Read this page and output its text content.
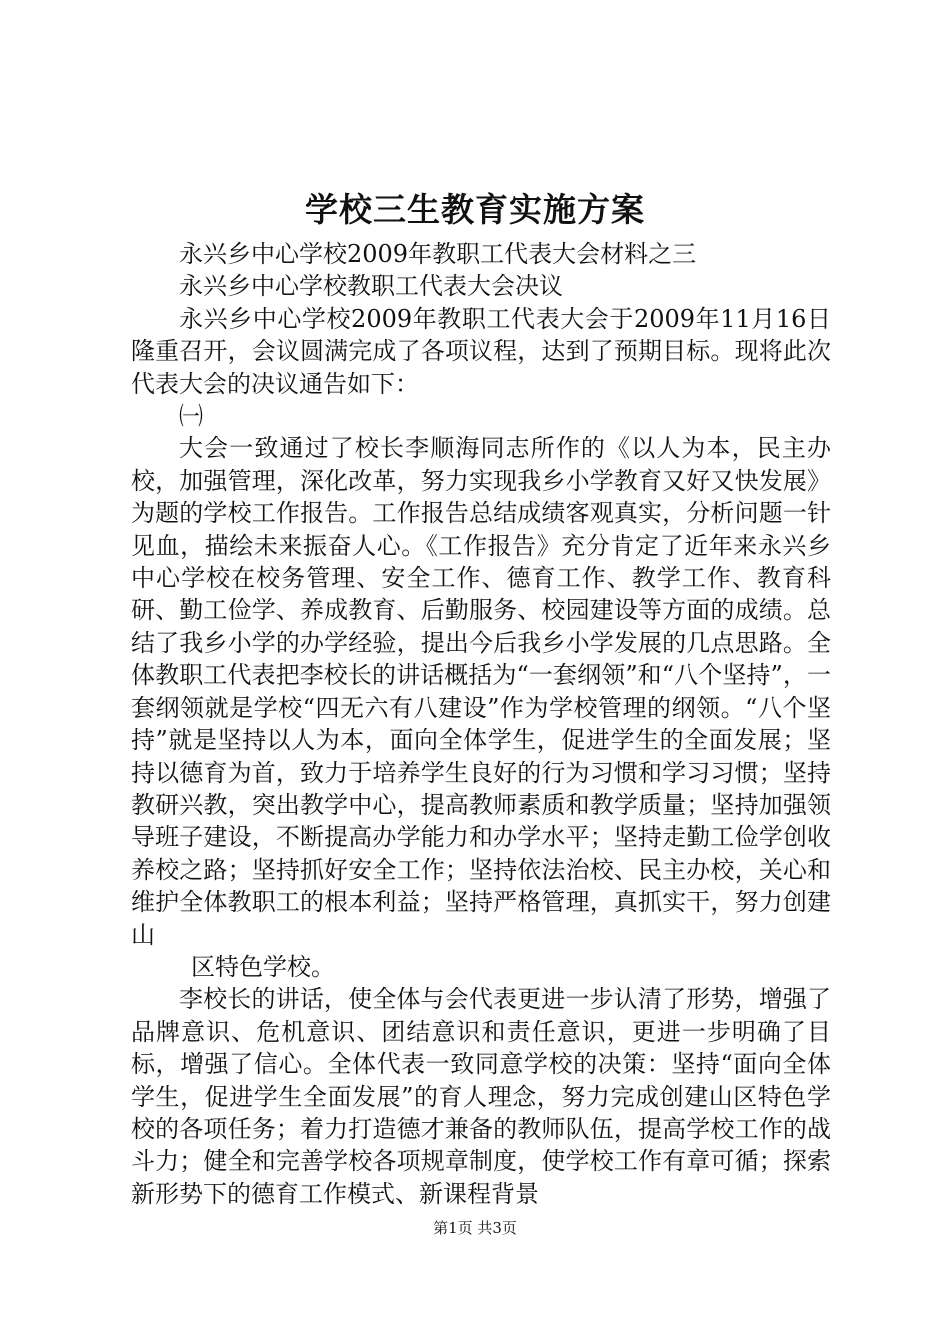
学校三生教育实施方案

永兴乡中心学校2009年教职工代表大会材料之三

永兴乡中心学校教职工代表大会决议

永兴乡中心学校2009年教职工代表大会于2009年11月16日隆重召开，会议圆满完成了各项议程，达到了预期目标。现将此次代表大会的决议通告如下：

㈠

大会一致通过了校长李顺海同志所作的《以人为本，民主办校，加强管理，深化改革，努力实现我乡小学教育又好又快发展》为题的学校工作报告。工作报告总结成绩客观真实，分析问题一针见血，描绘未来振奋人心。《工作报告》充分肯定了近年来永兴乡中心学校在校务管理、安全工作、德育工作、教学工作、教育科研、勤工俭学、养成教育、后勤服务、校园建设等方面的成绩。总结了我乡小学的办学经验，提出今后我乡小学发展的几点思路。全体教职工代表把李校长的讲话概括为“一套纲领”和“八个坚持”，一套纲领就是学校“四无六有八建设”作为学校管理的纲领。“八个坚持”就是坚持以人为本，面向全体学生，促进学生的全面发展；坚持以德育为首，致力于培养学生良好的行为习惯和学习习惯；坚持教研兴教，突出教学中心，提高教师素质和教学质量；坚持加强领导班子建设，不断提高办学能力和办学水平；坚持走勤工俭学创收养校之路；坚持抓好安全工作；坚持依法治校、民主办校，关心和维护全体教职工的根本利益；坚持严格管理，真抓实干，努力创建山

区特色学校。

李校长的讲话，使全体与会代表更进一步认清了形势，增强了品牌意识、危机意识、团结意识和责任意识，更进一步明确了目标，增强了信心。全体代表一致同意学校的决策：坚持“面向全体学生，促进学生全面发展”的育人理念，努力完成创建山区特色学校的各项任务；着力打造德才兼备的教师队伍，提高学校工作的战斗力；健全和完善学校各项规章制度，使学校工作有章可循；探索新形势下的德育工作模式、新课程背景

第1页 共3页
